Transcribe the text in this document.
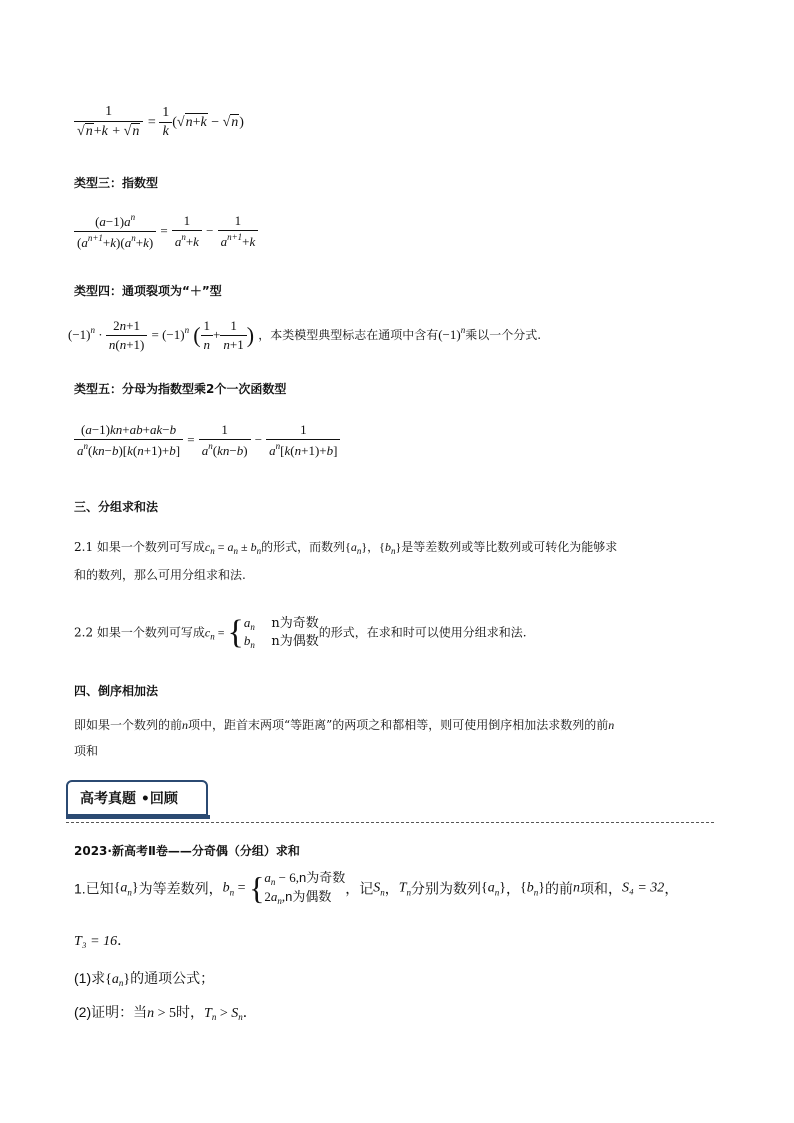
$\frac{1}{√n+k + √n} = \frac{1}{k} (√n+k - √n)$
类型三：指数型
$\frac{(a-1)a^n}{(a^{n+1}+k)(a^n+k)} = \frac{1}{a^n+k} - \frac{1}{a^{n+1}+k}$
类型四：通项裂项为“＋”型
$(-1)^n \cdot \frac{2n+1}{n(n+1)} = (-1)^n$ ( $\frac{1}{n} + \frac{1}{n+1}$ ) ，本类模型典型标志在通项中含有$(-1)^n$乘以一个分式.
类型五：分母为指数型乘2个一次函数型
$\frac{(a-1)kn+ab+ak-b}{a^n(kn-b)[k(n+1)+b]} = \frac{1}{a^n(kn-b)} - \frac{1}{a^n[k(n+1)+b]}$
三、分组求和法
2.1 如果一个数列可写成$c_n = a_n \pm b_n$的形式，而数列$\{a_n\}$，$\{b_n\}$是等差数列或等比数列或可转化为能够求
和的数列，那么可用分组求和法.
2.2 如果一个数列可写成$c_n$ = { $a_n$ n为奇数
$b_n$ n为偶数
的形式，在求和时可以使用分组求和法.
四、倒序相加法
即如果一个数列的前n项中，距首末两项“等距离”的两项之和都相等，则可使用倒序相加法求数列的前n
项和
高考真题 •回顾
2023·新高考Ⅱ卷——分奇偶（分组）求和
1.已知$\{a_n\}$为等差数列，$b_n$ = { $a_n - 6,n$为奇数
$2a_n,n$为偶数 ，记$S_n$，$T_n$分别为数列$\{a_n\}$，$\{b_n\}$的前n项和，S₄ = 32，
T₃ = 16．
(1)求$\{a_n\}$的通项公式；
(2)证明：当n > 5时，$T_n > S_n$．
